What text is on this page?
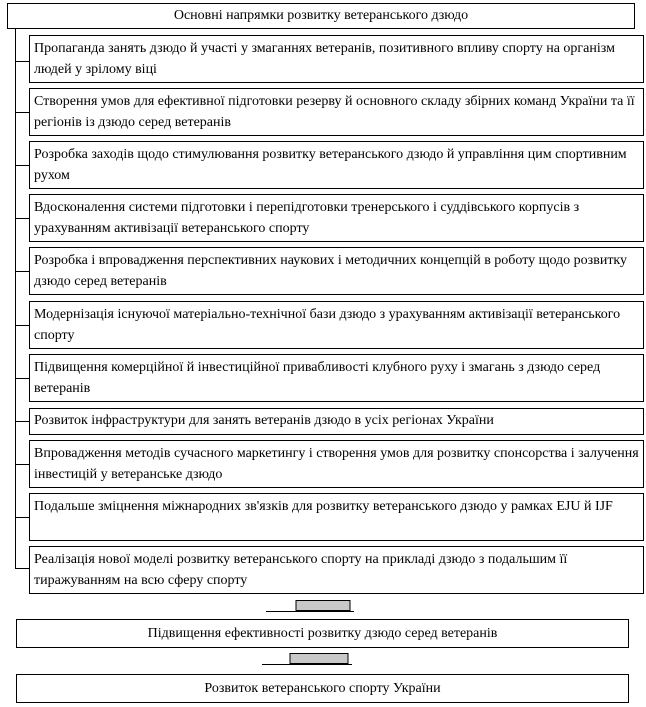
Основні напрямки розвитку ветеранського дзюдо
Пропаганда занять дзюдо й участі у змаганнях ветеранів, позитивного впливу спорту на організм людей у зрілому віці
Створення умов для ефективної підготовки резерву й основного складу збірних команд України та її регіонів із дзюдо серед ветеранів
Розробка заходів щодо стимулювання розвитку ветеранського дзюдо й управління цим спортивним рухом
Вдосконалення системи підготовки і перепідготовки тренерського і суддівського корпусів з урахуванням активізації ветеранського спорту
Розробка і впровадження перспективних наукових і методичних концепцій в роботу щодо розвитку дзюдо серед ветеранів
Модернізація існуючої матеріально-технічної бази дзюдо з урахуванням активізації ветеранського спорту
Підвищення комерційної й інвестиційної привабливості клубного руху і змагань з дзюдо серед ветеранів
Розвиток інфраструктури для занять ветеранів дзюдо в усіх регіонах України
Впровадження методів сучасного маркетингу і створення умов для розвитку спонсорства і залучення інвестицій у ветеранське дзюдо
Подальше зміцнення міжнародних зв'язків для розвитку ветеранського дзюдо у рамках EJU й IJF
Реалізація нової моделі розвитку ветеранського спорту на прикладі дзюдо з подальшим її тиражуванням на всю сферу спорту
Підвищення ефективності розвитку дзюдо серед ветеранів
Розвиток ветеранського спорту України
